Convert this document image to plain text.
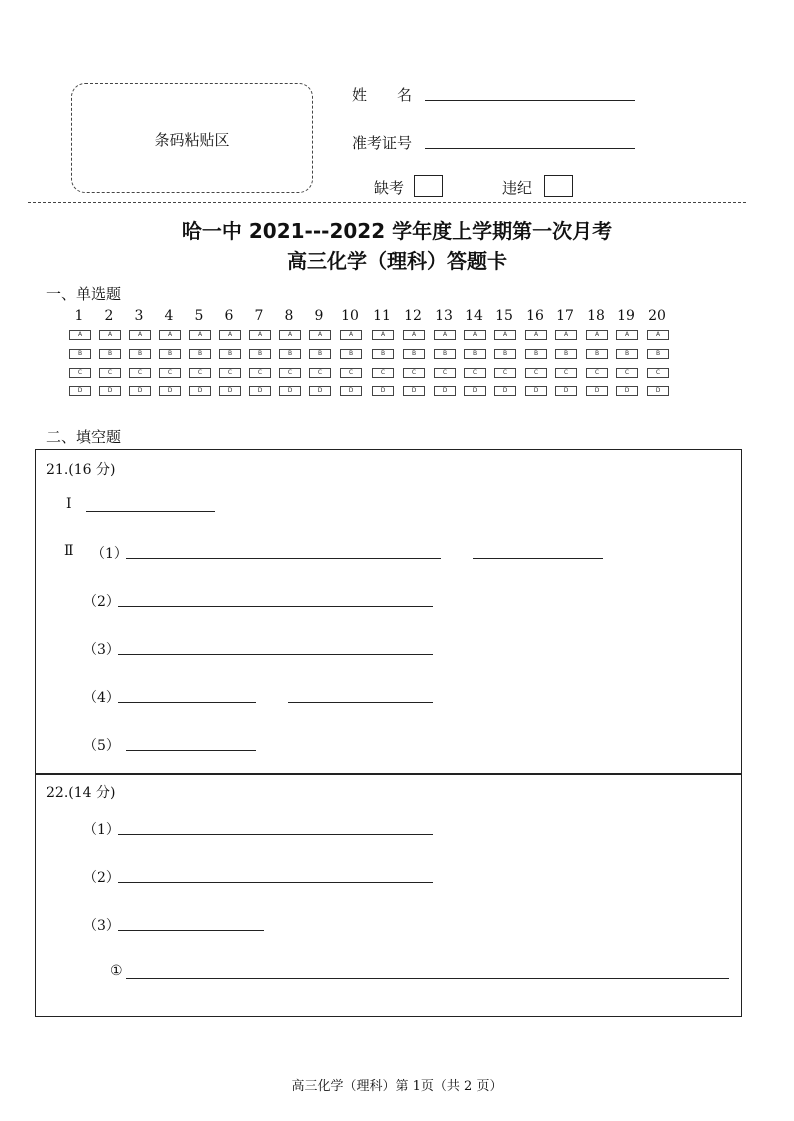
条码粘贴区
姓　　名
准考证号
缺考	违纪
哈一中 2021---2022 学年度上学期第一次月考
高三化学（理科）答题卡
一、单选题
1
A
B
C
D
2
A
B
C
D
3
A
B
C
D
4
A
B
C
D
5
A
B
C
D
6
A
B
C
D
7
A
B
C
D
8
A
B
C
D
9
A
B
C
D
10
A
B
C
D
11
A
B
C
D
12
A
B
C
D
13
A
B
C
D
14
A
B
C
D
15
A
B
C
D
16
A
B
C
D
17
A
B
C
D
18
A
B
C
D
19
A
B
C
D
20
A
B
C
D
二、填空题
21.(16 分)
Ⅰ
Ⅱ （1）
（2）
（3）
（4）
（5）
22.(14 分)
（1）
（2）
（3）
①
高三化学（理科）第 1页（共 2 页）
